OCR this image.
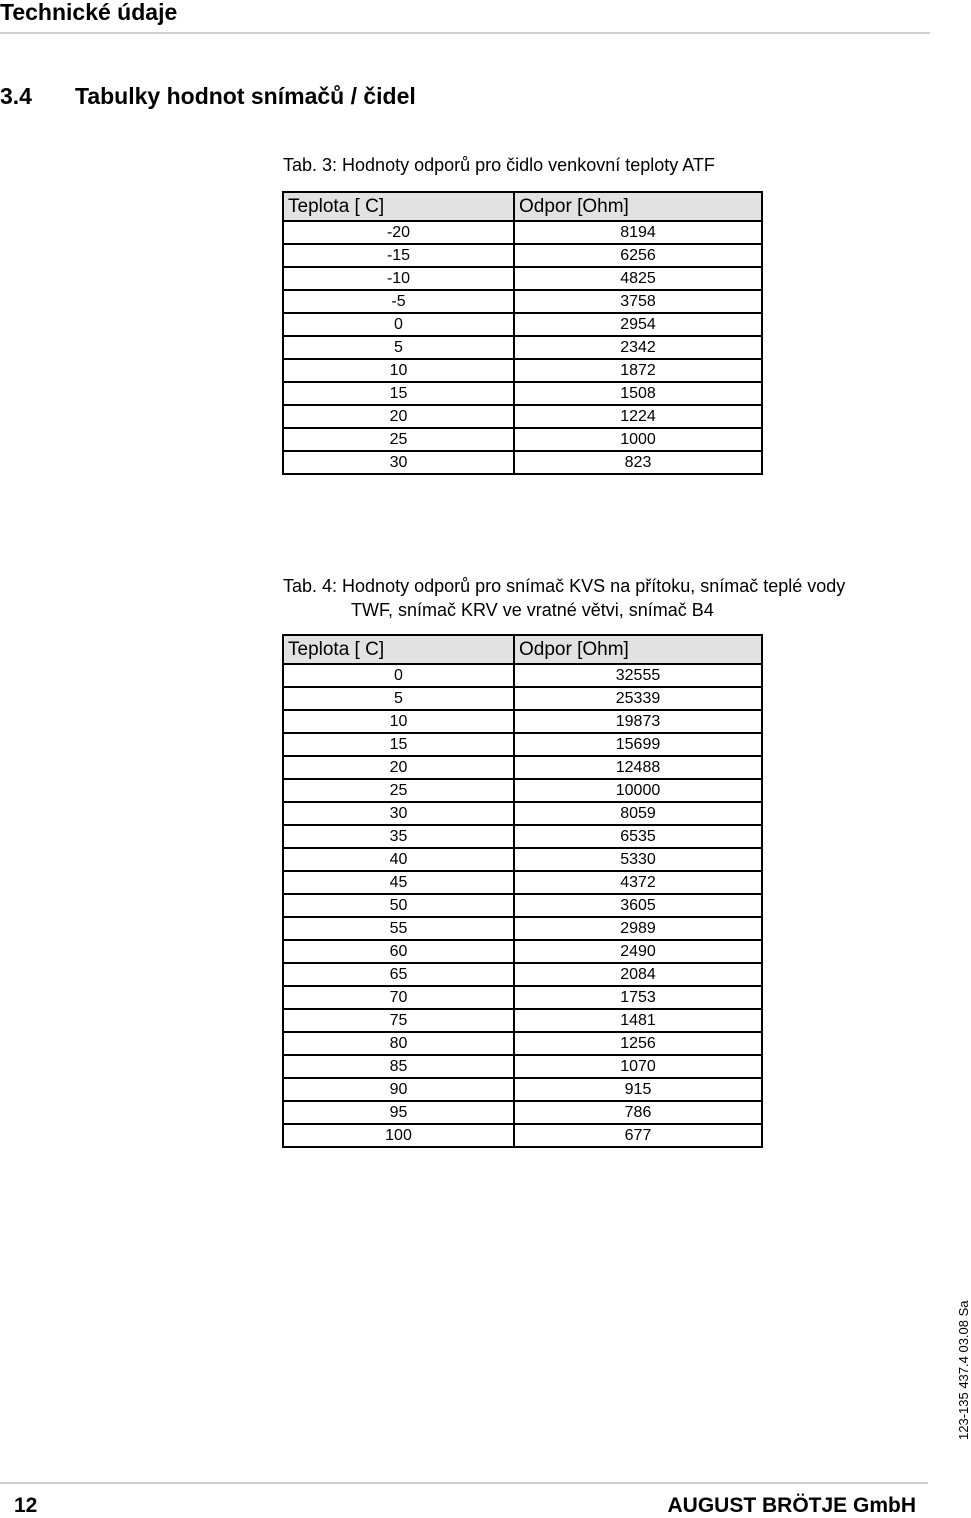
Technické údaje
3.4 Tabulky hodnot snímačů / čidel
Tab. 3: Hodnoty odporů pro čidlo venkovní teploty ATF
Teplota [ C]	Odpor [Ohm]
-20	8194
-15	6256
-10	4825
-5	3758
0	2954
5	2342
10	1872
15	1508
20	1224
25	1000
30	823
Tab. 4: Hodnoty odporů pro snímač KVS na přítoku, snímač teplé vody
TWF, snímač KRV ve vratné větvi, snímač B4
Teplota [ C]	Odpor [Ohm]
0	32555
5	25339
10	19873
15	15699
20	12488
25	10000
30	8059
35	6535
40	5330
45	4372
50	3605
55	2989
60	2490
65	2084
70	1753
75	1481
80	1256
85	1070
90	915
95	786
100	677
123-135 437.4 03.08 Sa
12	AUGUST BRÖTJE GmbH
